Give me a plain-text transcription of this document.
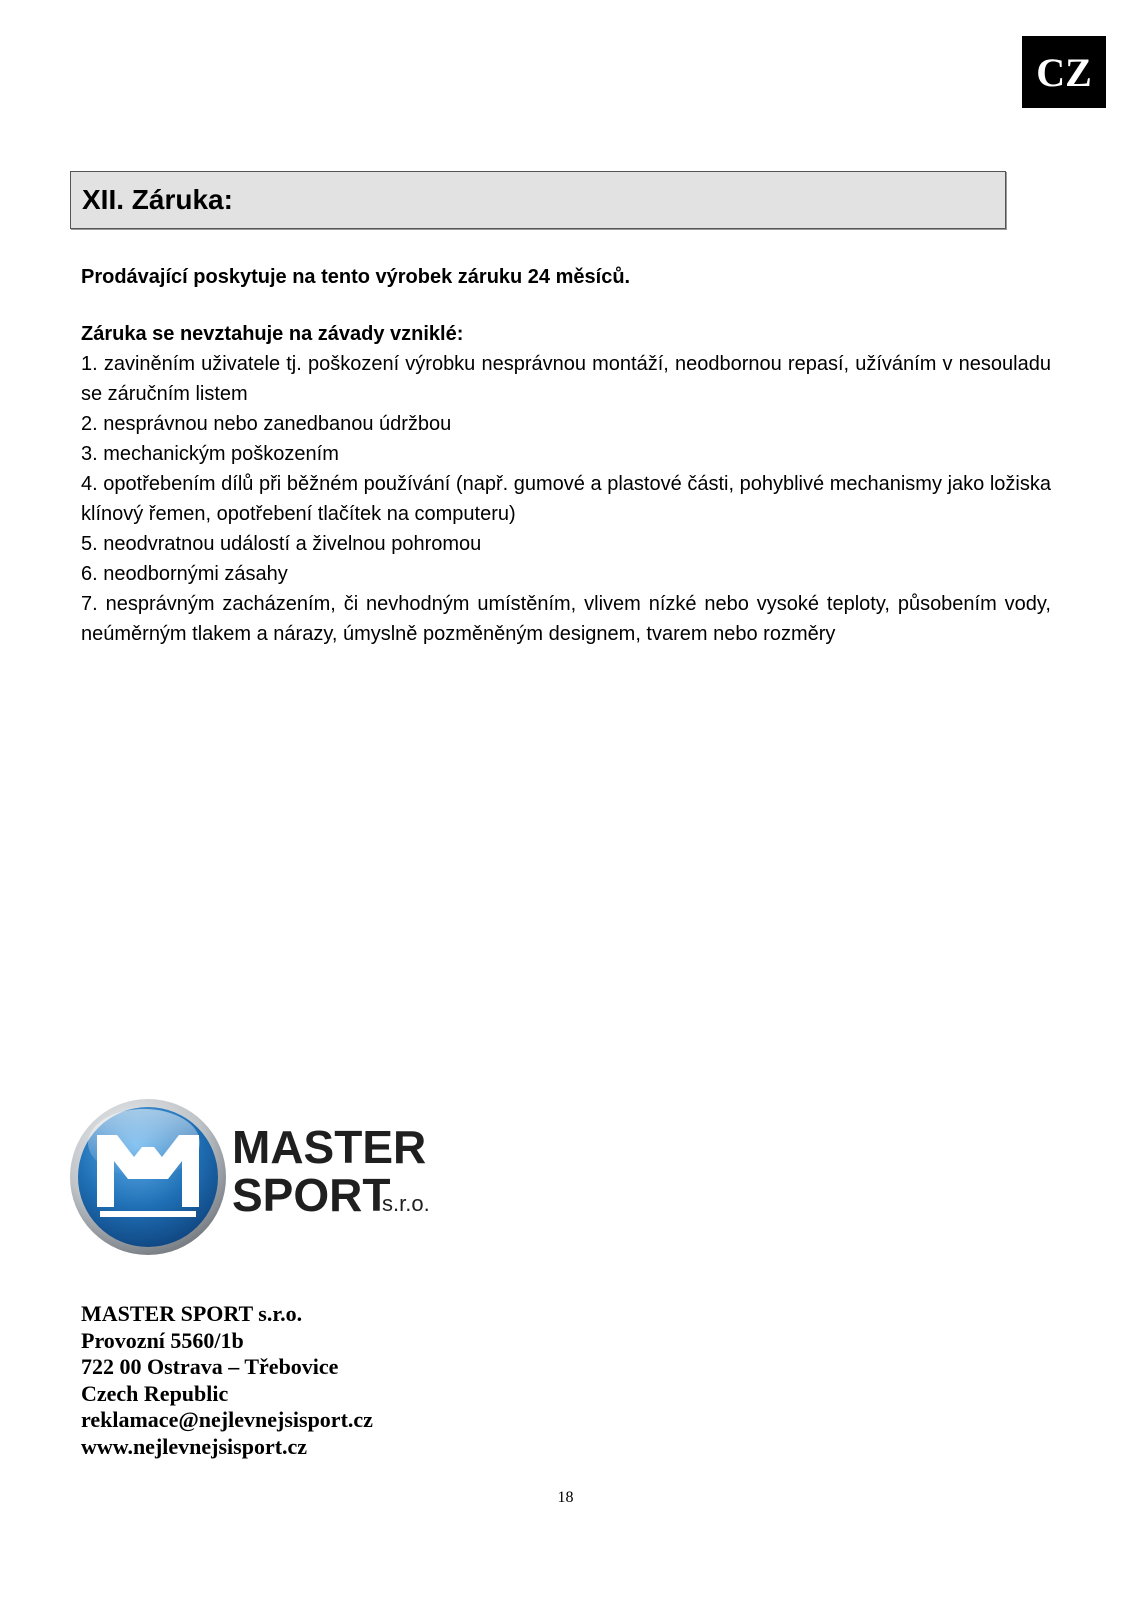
CZ
XII. Záruka:

Prodávající poskytuje na tento výrobek záruku 24 měsíců.

Záruka se nevztahuje na závady vzniklé:

1. zaviněním uživatele tj. poškození výrobku nesprávnou montáží, neodbornou repasí, užíváním v nesouladu se záručním listem

2. nesprávnou nebo zanedbanou údržbou

3. mechanickým poškozením

4. opotřebením dílů při běžném používání (např. gumové a plastové části, pohyblivé mechanismy jako ložiska klínový řemen, opotřebení tlačítek na computeru)

5. neodvratnou událostí a živelnou pohromou

6. neodbornými zásahy

7. nesprávným zacházením, či nevhodným umístěním, vlivem nízké nebo vysoké teploty, působením vody, neúměrným tlakem a nárazy, úmyslně pozměněným designem, tvarem nebo rozměry

MASTER
SPORT
s.r.o.
MASTER SPORT s.r.o.
Provozní 5560/1b
722 00 Ostrava – Třebovice
Czech Republic
reklamace@nejlevnejsisport.cz
www.nejlevnejsisport.cz
18
